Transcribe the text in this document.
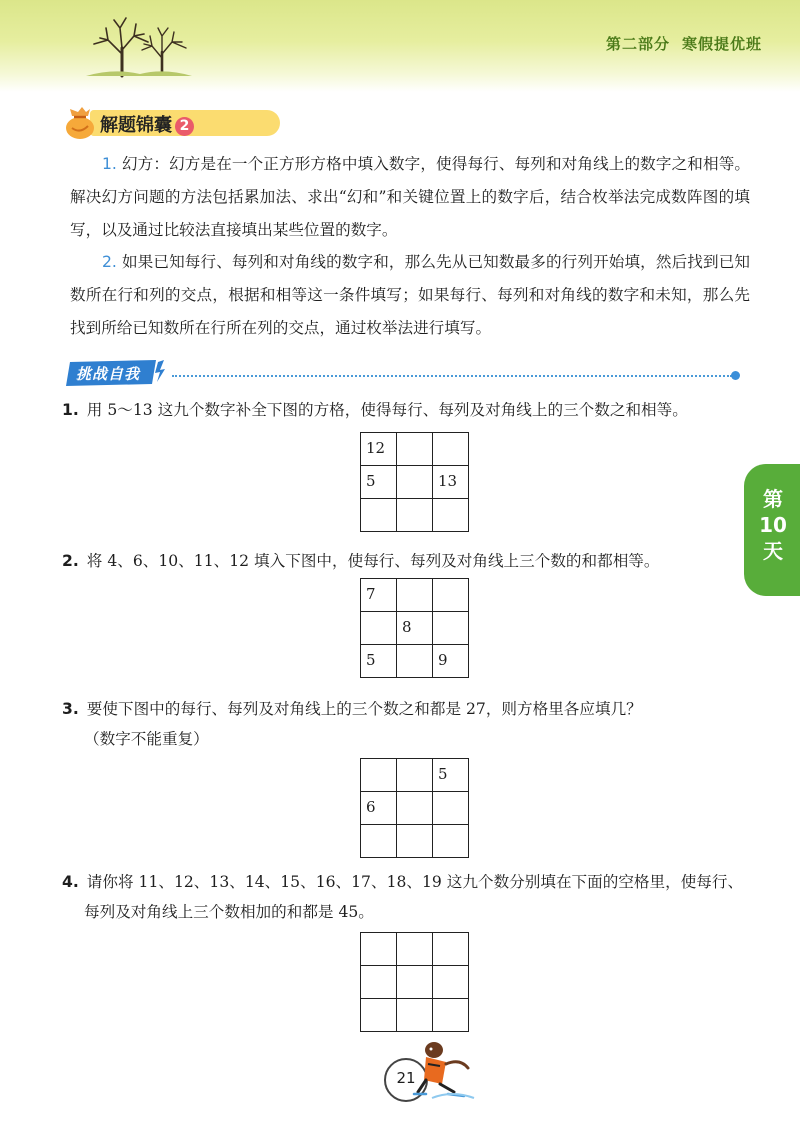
第二部分 寒假提优班
解题锦囊 2

1. 幻方：幻方是在一个正方形方格中填入数字，使得每行、每列和对角线上的数字之和相等。解决幻方问题的方法包括累加法、求出“幻和”和关键位置上的数字后，结合枚举法完成数阵图的填写，以及通过比较法直接填出某些位置的数字。

2. 如果已知每行、每列和对角线的数字和，那么先从已知数最多的行列开始填，然后找到已知数所在行和列的交点，根据和相等这一条件填写；如果每行、每列和对角线的数字和未知，那么先找到所给已知数所在行所在列的交点，通过枚举法进行填写。

挑战自我

1. 用 5～13 这九个数字补全下图的方格，使得每行、每列及对角线上的三个数之和相等。

12		
5		13

2. 将 4、6、10、11、12 填入下图中，使每行、每列及对角线上三个数的和都相等。

7		
	8	
5		9

3. 要使下图中的每行、每列及对角线上的三个数之和都是 27，则方格里各应填几？
（数字不能重复）

		5
6		

4. 请你将 11、12、13、14、15、16、17、18、19 这九个数分别填在下面的空格里，使每行、
每列及对角线上三个数相加的和都是 45。

第
10
天
21
